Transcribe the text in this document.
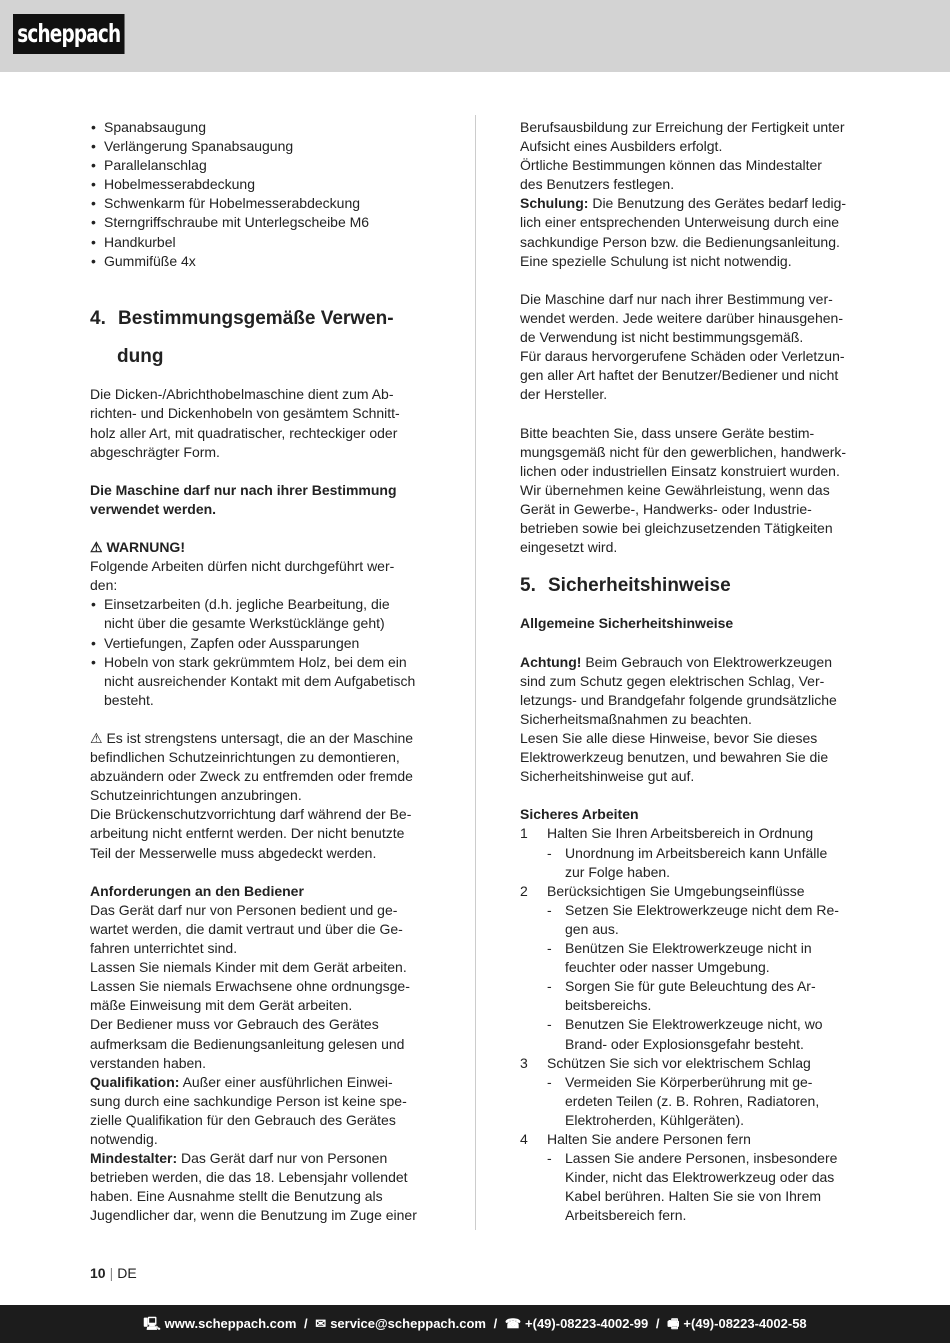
scheppach
• Spanabsaugung
• Verlängerung Spanabsaugung
• Parallelanschlag
• Hobelmesserabdeckung
• Schwenkarm für Hobelmesserabdeckung
• Sterngriffschraube mit Unterlegscheibe M6
• Handkurbel
• Gummifüße 4x
4. Bestimmungsgemäße Verwen-
dung
Die Dicken-/Abrichthobelmaschine dient zum Ab-
richten- und Dickenhobeln von gesämtem Schnitt-
holz aller Art, mit quadratischer, rechteckiger oder
abgeschrägter Form.
Die Maschine darf nur nach ihrer Bestimmung
verwendet werden.
⚠ WARNUNG!
Folgende Arbeiten dürfen nicht durchgeführt wer-
den:
• Einsetzarbeiten (d.h. jegliche Bearbeitung, die
nicht über die gesamte Werkstücklänge geht)
• Vertiefungen, Zapfen oder Aussparungen
• Hobeln von stark gekrümmtem Holz, bei dem ein
nicht ausreichender Kontakt mit dem Aufgabetisch
besteht.
⚠ Es ist strengstens untersagt, die an der Maschine
befindlichen Schutzeinrichtungen zu demontieren,
abzuändern oder Zweck zu entfremden oder fremde
Schutzeinrichtungen anzubringen.
Die Brückenschutzvorrichtung darf während der Be-
arbeitung nicht entfernt werden. Der nicht benutzte
Teil der Messerwelle muss abgedeckt werden.
Anforderungen an den Bediener
Das Gerät darf nur von Personen bedient und ge-
wartet werden, die damit vertraut und über die Ge-
fahren unterrichtet sind.
Lassen Sie niemals Kinder mit dem Gerät arbeiten.
Lassen Sie niemals Erwachsene ohne ordnungsge-
mäße Einweisung mit dem Gerät arbeiten.
Der Bediener muss vor Gebrauch des Gerätes
aufmerksam die Bedienungsanleitung gelesen und
verstanden haben.
Qualifikation: Außer einer ausführlichen Einwei-
sung durch eine sachkundige Person ist keine spe-
zielle Qualifikation für den Gebrauch des Gerätes
notwendig.
Mindestalter: Das Gerät darf nur von Personen
betrieben werden, die das 18. Lebensjahr vollendet
haben. Eine Ausnahme stellt die Benutzung als
Jugendlicher dar, wenn die Benutzung im Zuge einer
Berufsausbildung zur Erreichung der Fertigkeit unter
Aufsicht eines Ausbilders erfolgt.
Örtliche Bestimmungen können das Mindestalter
des Benutzers festlegen.
Schulung: Die Benutzung des Gerätes bedarf ledig-
lich einer entsprechenden Unterweisung durch eine
sachkundige Person bzw. die Bedienungsanleitung.
Eine spezielle Schulung ist nicht notwendig.
Die Maschine darf nur nach ihrer Bestimmung ver-
wendet werden. Jede weitere darüber hinausgehen-
de Verwendung ist nicht bestimmungsgemäß.
Für daraus hervorgerufene Schäden oder Verletzun-
gen aller Art haftet der Benutzer/Bediener und nicht
der Hersteller.
Bitte beachten Sie, dass unsere Geräte bestim-
mungsgemäß nicht für den gewerblichen, handwerk-
lichen oder industriellen Einsatz konstruiert wurden.
Wir übernehmen keine Gewährleistung, wenn das
Gerät in Gewerbe-, Handwerks- oder Industrie-
betrieben sowie bei gleichzusetzenden Tätigkeiten
eingesetzt wird.
5. Sicherheitshinweise
Allgemeine Sicherheitshinweise
Achtung! Beim Gebrauch von Elektrowerkzeugen
sind zum Schutz gegen elektrischen Schlag, Ver-
letzungs- und Brandgefahr folgende grundsätzliche
Sicherheitsmaßnahmen zu beachten.
Lesen Sie alle diese Hinweise, bevor Sie dieses
Elektrowerkzeug benutzen, und bewahren Sie die
Sicherheitshinweise gut auf.
Sicheres Arbeiten
1 Halten Sie Ihren Arbeitsbereich in Ordnung
- Unordnung im Arbeitsbereich kann Unfälle
zur Folge haben.
2 Berücksichtigen Sie Umgebungseinflüsse
- Setzen Sie Elektrowerkzeuge nicht dem Re-
gen aus.
- Benützen Sie Elektrowerkzeuge nicht in
feuchter oder nasser Umgebung.
- Sorgen Sie für gute Beleuchtung des Ar-
beitsbereichs.
- Benutzen Sie Elektrowerkzeuge nicht, wo
Brand- oder Explosionsgefahr besteht.
3 Schützen Sie sich vor elektrischem Schlag
- Vermeiden Sie Körperberührung mit ge-
erdeten Teilen (z. B. Rohren, Radiatoren,
Elektroherden, Kühlgeräten).
4 Halten Sie andere Personen fern
- Lassen Sie andere Personen, insbesondere
Kinder, nicht das Elektrowerkzeug oder das
Kabel berühren. Halten Sie sie von Ihrem
Arbeitsbereich fern.
10 | DE
🖳 www.scheppach.com / ✉ service@scheppach.com / ☎ +(49)-08223-4002-99 / 🖷 +(49)-08223-4002-58
